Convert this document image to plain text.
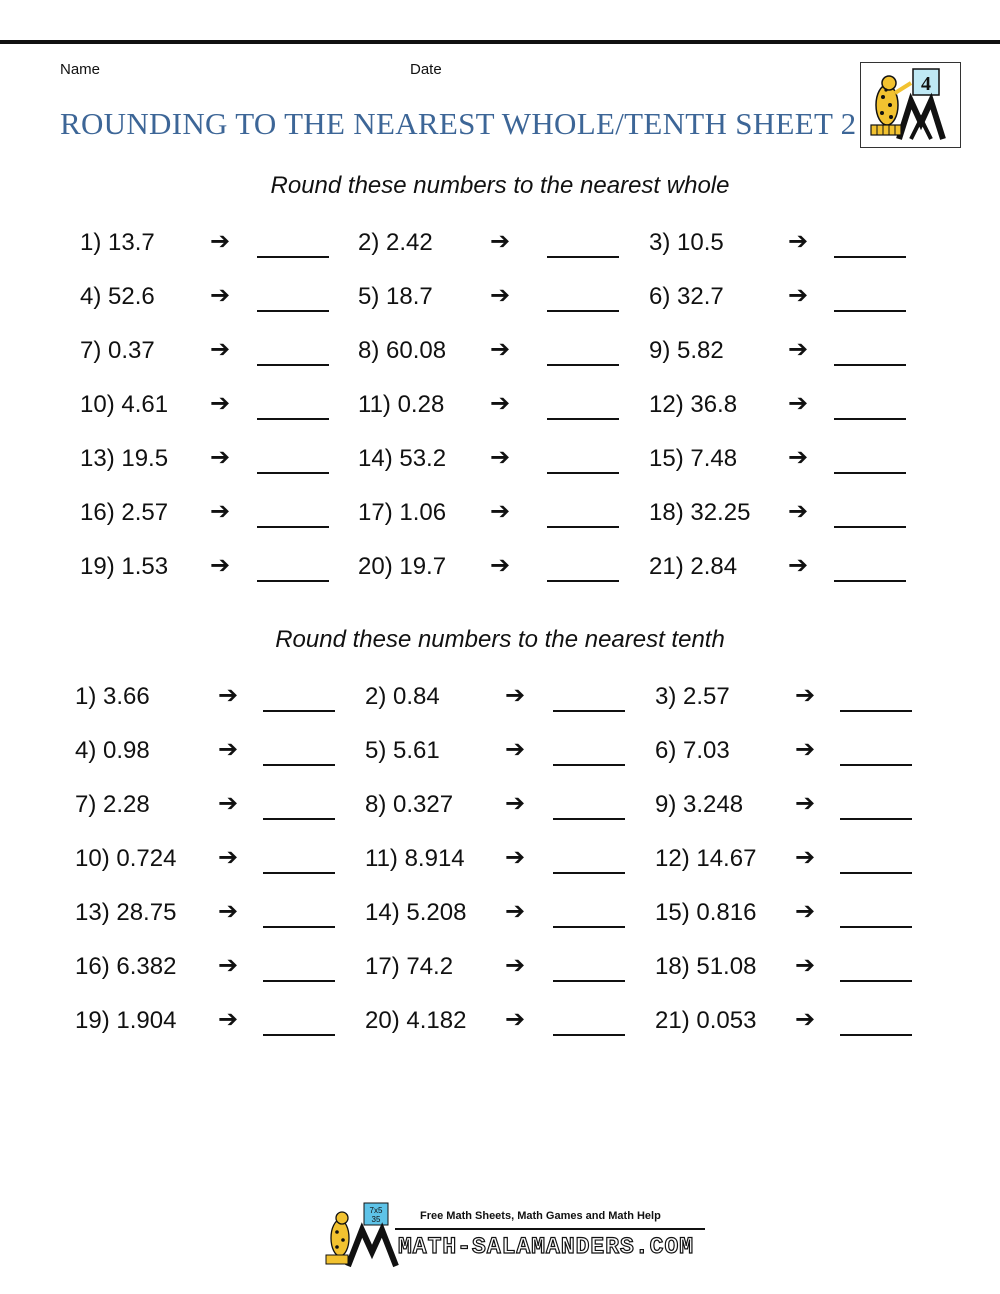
Name	Date
ROUNDING TO THE NEAREST WHOLE/TENTH SHEET 2
4
Round these numbers to the nearest whole
1) 13.7 ➔	2) 2.42 ➔	3) 10.5	➔
4) 52.6 ➔	5) 18.7 ➔	6) 32.7	➔
7) 0.37 ➔	8) 60.08 ➔	9) 5.82	➔
10) 4.61 ➔	11) 0.28 ➔	12) 36.8 ➔
13) 19.5 ➔	14) 53.2 ➔	15) 7.48 ➔
16) 2.57 ➔	17) 1.06 ➔	18) 32.25 ➔
19) 1.53 ➔	20) 19.7 ➔	21) 2.84 ➔
Round these numbers to the nearest tenth
1) 3.66	➔	2) 0.84	➔	3) 2.57	➔
4) 0.98	➔	5) 5.61	➔	6) 7.03	➔
7) 2.28	➔	8) 0.327 ➔	9) 3.248 ➔
10) 0.724 ➔	11) 8.914 ➔	12) 14.67 ➔
13) 28.75 ➔	14) 5.208 ➔	15) 0.816 ➔
16) 6.382 ➔	17) 74.2 ➔	18) 51.08 ➔
19) 1.904 ➔	20) 4.182 ➔	21) 0.053 ➔
7x5
35	Free Math Sheets, Math Games and Math Help
MATH-SALAMANDERS.COM
